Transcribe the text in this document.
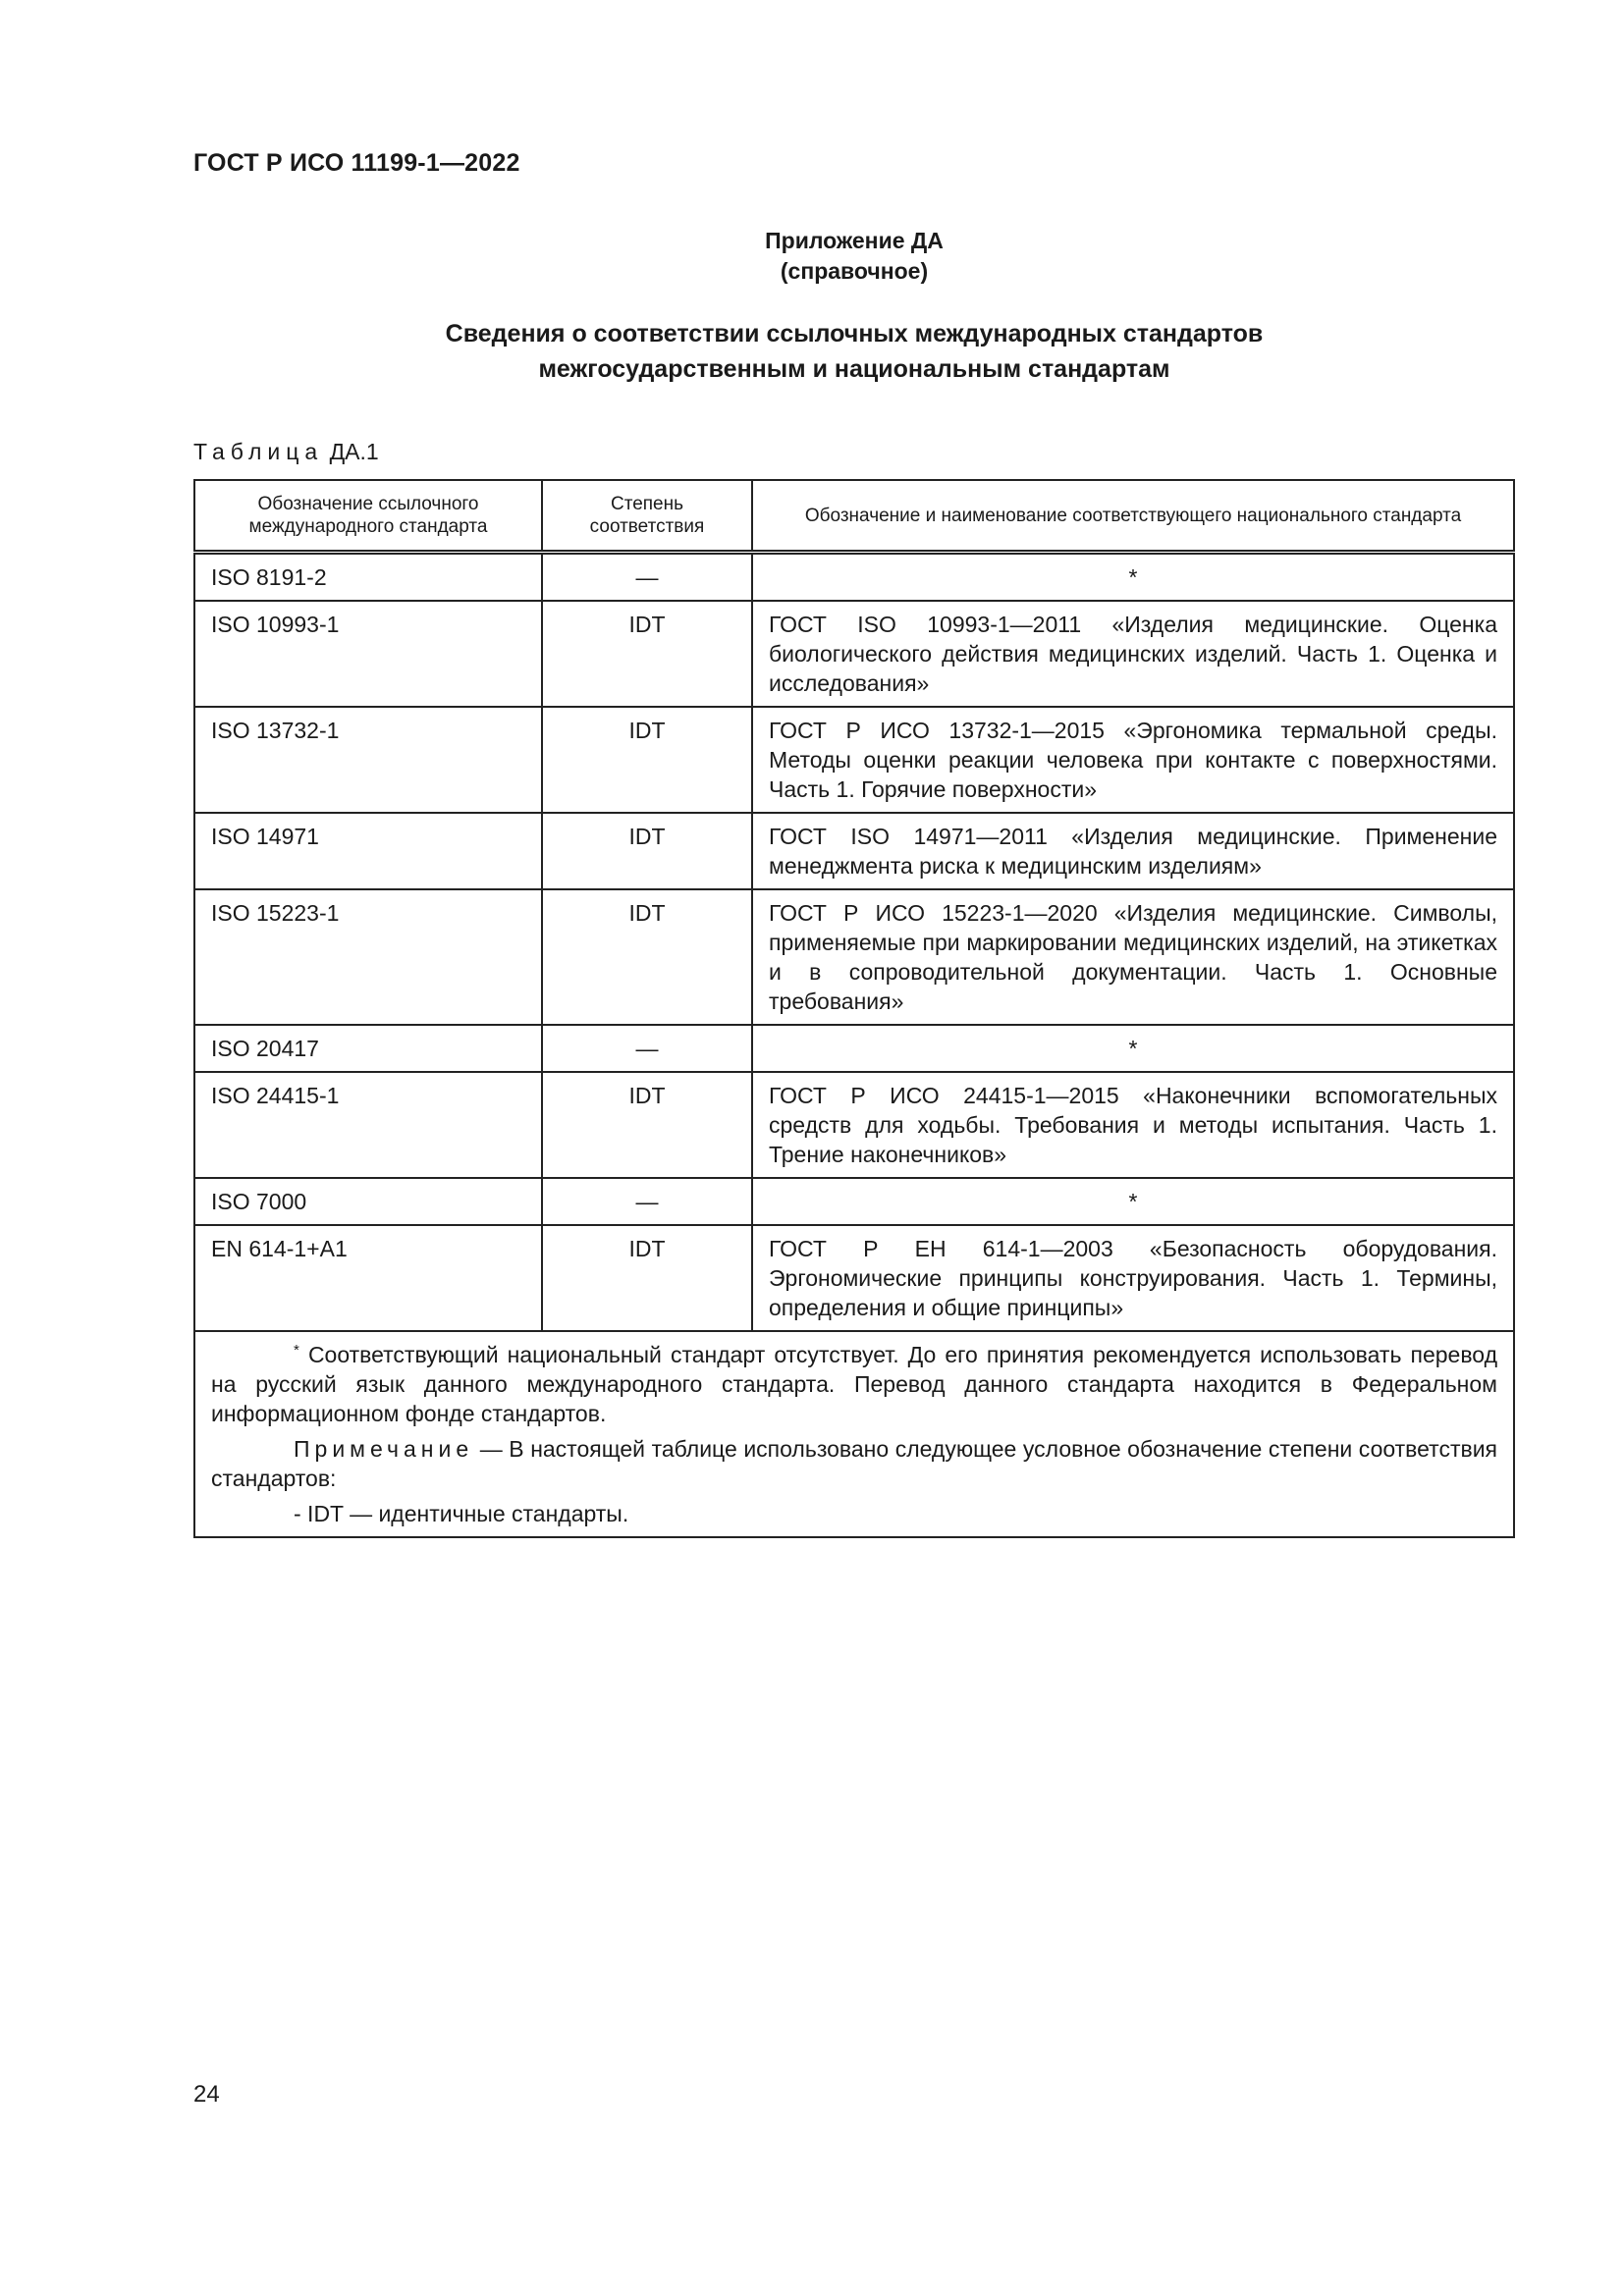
ГОСТ Р ИСО 11199-1—2022
Приложение ДА
(справочное)
Сведения о соответствии ссылочных международных стандартов
межгосударственным и национальным стандартам
Таблица ДА.1
Обозначение ссылочного международного стандарта	Степень соответствия	Обозначение и наименование соответствующего национального стандарта
ISO 8191-2	—	*
ISO 10993-1	IDT	ГОСТ ISO 10993-1—2011 «Изделия медицинские. Оценка биологического действия медицинских изделий. Часть 1. Оценка и исследования»
ISO 13732-1	IDT	ГОСТ Р ИСО 13732-1—2015 «Эргономика термальной среды. Методы оценки реакции человека при контакте с поверхностями. Часть 1. Горячие поверхности»
ISO 14971	IDT	ГОСТ ISO 14971—2011 «Изделия медицинские. Применение менеджмента риска к медицинским изделиям»
ISO 15223-1	IDT	ГОСТ Р ИСО 15223-1—2020 «Изделия медицинские. Символы, применяемые при маркировании медицинских изделий, на этикетках и в сопроводительной документации. Часть 1. Основные требования»
ISO 20417	—	*
ISO 24415-1	IDT	ГОСТ Р ИСО 24415-1—2015 «Наконечники вспомогательных средств для ходьбы. Требования и методы испытания. Часть 1. Трение наконечников»
ISO 7000	—	*
EN 614-1+A1	IDT	ГОСТ Р ЕН 614-1—2003 «Безопасность оборудования. Эргономические принципы конструирования. Часть 1. Термины, определения и общие принципы»

* Соответствующий национальный стандарт отсутствует. До его принятия рекомендуется использовать перевод на русский язык данного международного стандарта. Перевод данного стандарта находится в Федеральном информационном фонде стандартов.

Примечание — В настоящей таблице использовано следующее условное обозначение степени соответствия стандартов:

- IDT — идентичные стандарты.		

24
